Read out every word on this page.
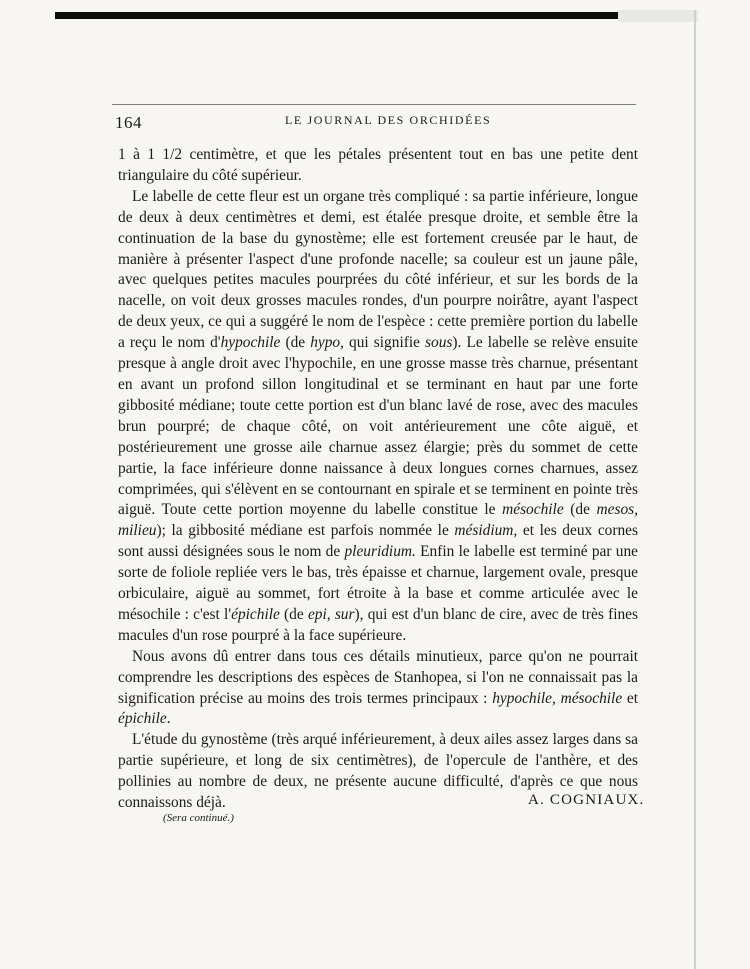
164	LE JOURNAL DES ORCHIDÉES

1 à 1 1/2 centimètre, et que les pétales présentent tout en bas une petite dent triangulaire du côté supérieur.

Le labelle de cette fleur est un organe très compliqué : sa partie inférieure, longue de deux à deux centimètres et demi, est étalée presque droite, et semble être la continuation de la base du gynostème; elle est fortement creusée par le haut, de manière à présenter l'aspect d'une profonde nacelle; sa couleur est un jaune pâle, avec quelques petites macules pourprées du côté inférieur, et sur les bords de la nacelle, on voit deux grosses macules rondes, d'un pourpre noirâtre, ayant l'aspect de deux yeux, ce qui a suggéré le nom de l'espèce : cette première portion du labelle a reçu le nom d'hypochile (de hypo, qui signifie sous). Le labelle se relève ensuite presque à angle droit avec l'hypochile, en une grosse masse très charnue, présentant en avant un profond sillon longitudinal et se terminant en haut par une forte gibbosité médiane; toute cette portion est d'un blanc lavé de rose, avec des macules brun pourpré; de chaque côté, on voit antérieurement une côte aiguë, et postérieurement une grosse aile charnue assez élargie; près du sommet de cette partie, la face inférieure donne naissance à deux longues cornes charnues, assez comprimées, qui s'élèvent en se contournant en spirale et se terminent en pointe très aiguë. Toute cette portion moyenne du labelle constitue le mésochile (de mesos, milieu); la gibbosité médiane est parfois nommée le mésidium, et les deux cornes sont aussi désignées sous le nom de pleuridium. Enfin le labelle est terminé par une sorte de foliole repliée vers le bas, très épaisse et charnue, largement ovale, presque orbiculaire, aiguë au sommet, fort étroite à la base et comme articulée avec le mésochile : c'est l'épichile (de epi, sur), qui est d'un blanc de cire, avec de très fines macules d'un rose pourpré à la face supérieure.

Nous avons dû entrer dans tous ces détails minutieux, parce qu'on ne pourrait comprendre les descriptions des espèces de Stanhopea, si l'on ne connaissait pas la signification précise au moins des trois termes principaux : hypochile, mésochile et épichile.

L'étude du gynostème (très arqué inférieurement, à deux ailes assez larges dans sa partie supérieure, et long de six centimètres), de l'opercule de l'anthère, et des pollinies au nombre de deux, ne présente aucune difficulté, d'après ce que nous connaissons déjà.	A. COGNIAUX.
(Sera continué.)
